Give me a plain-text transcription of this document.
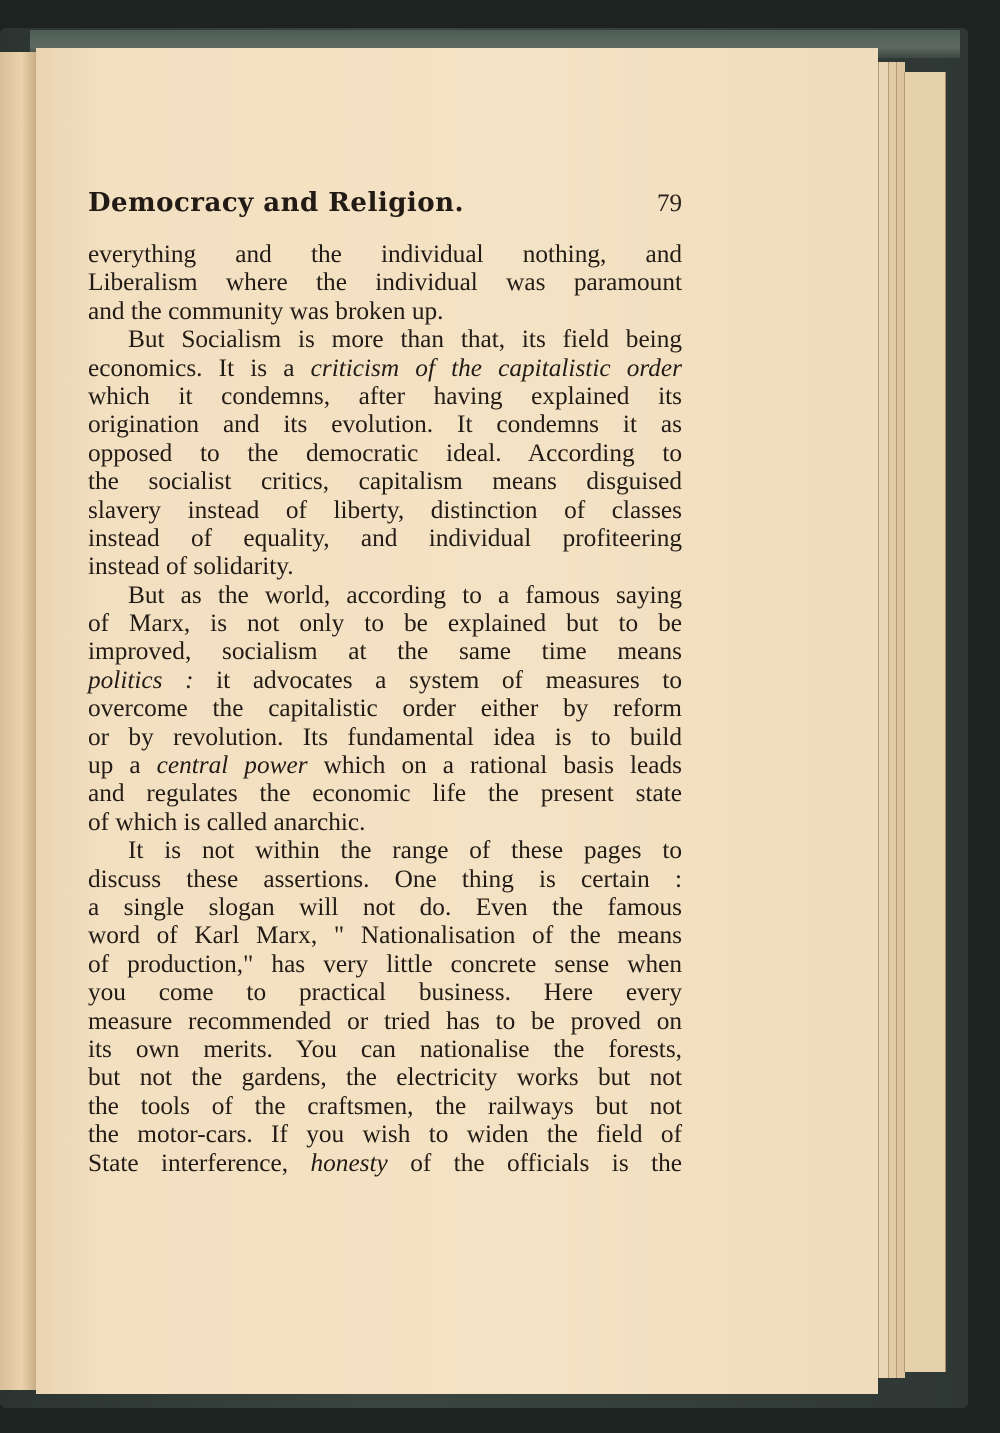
Democracy and Religion.	79
everything and the individual nothing, and
Liberalism where the individual was paramount
and the community was broken up.
But Socialism is more than that, its field being
economics. It is a criticism of the capitalistic order
which it condemns, after having explained its
origination and its evolution. It condemns it as
opposed to the democratic ideal. According to
the socialist critics, capitalism means disguised
slavery instead of liberty, distinction of classes
instead of equality, and individual profiteering
instead of solidarity.
But as the world, according to a famous saying
of Marx, is not only to be explained but to be
improved, socialism at the same time means
politics : it advocates a system of measures to
overcome the capitalistic order either by reform
or by revolution. Its fundamental idea is to build
up a central power which on a rational basis leads
and regulates the economic life the present state
of which is called anarchic.
It is not within the range of these pages to
discuss these assertions. One thing is certain :
a single slogan will not do. Even the famous
word of Karl Marx, " Nationalisation of the means
of production," has very little concrete sense when
you come to practical business. Here every
measure recommended or tried has to be proved on
its own merits. You can nationalise the forests,
but not the gardens, the electricity works but not
the tools of the craftsmen, the railways but not
the motor-cars. If you wish to widen the field of
State interference, honesty of the officials is the
